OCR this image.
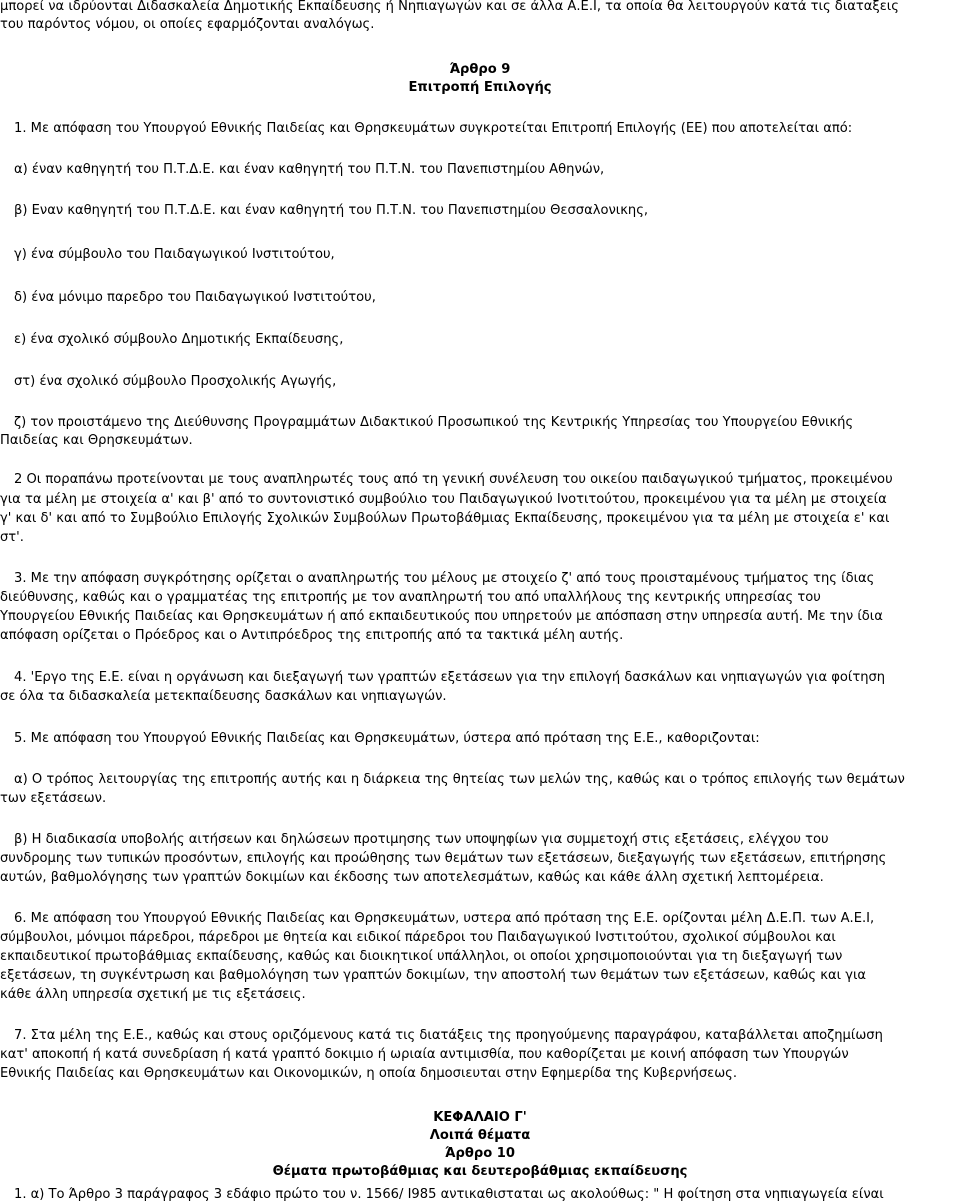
μπορεί να ιδρύονται Διδασκαλεία Δημοτικής Εκπαίδευσης ή Νηπιαγωγών και σε άλλα Α.Ε.Ι, τα οποία θα λειτουργούν κατά τις διαταξεις

του παρόντος νόμου, οι οποίες εφαρμόζονται αναλόγως.

Άρθρο 9

Επιτροπή Επιλογής

1. Με απόφαση του Υπουργού Εθνικής Παιδείας και Θρησκευμάτων συγκροτείται Επιτροπή Επιλογής (ΕΕ) που αποτελείται από:

α) έναν καθηγητή του Π.Τ.Δ.Ε. και έναν καθηγητή του Π.Τ.Ν. του Πανεπιστημίου Αθηνών,

β) Εναν καθηγητή του Π.Τ.Δ.Ε. και έναν καθηγητή του Π.Τ.Ν. του Πανεπιστημίου Θεσσαλονικης,

γ) ένα σύμβουλο του Παιδαγωγικού Ινστιτούτου,

δ) ένα μόνιμο παρεδρο του Παιδαγωγικού Ινστιτούτου,

ε) ένα σχολικό σύμβουλο Δημοτικής Εκπαίδευσης,

στ) ένα σχολικό σύμβουλο Προσχολικής Αγωγής,

ζ) τον προιστάμενο της Διεύθυνσης Προγραμμάτων Διδακτικού Προσωπικού της Κεντρικής Υπηρεσίας του Υπουργείου Εθνικής

Παιδείας και Θρησκευμάτων.

2 Οι ποραπάνω προτείνονται με τους αναπληρωτές τους από τη γενική συνέλευση του οικείου παιδαγωγικού τμήματος, προκειμένου

για τα μέλη με στοιχεία α' και β' από το συντονιστικό συμβούλιο του Παιδαγωγικού Ινοτιτούτου, προκειμένου για τα μέλη με στοιχεία

γ' και δ' και από το Συμβούλιο Επιλογής Σχολικών Συμβούλων Πρωτοβάθμιας Εκπαίδευσης, προκειμένου για τα μέλη με στοιχεία ε' και

στ'.

3. Με την απόφαση συγκρότησης ορίζεται ο αναπληρωτής του μέλους με στοιχείο ζ' από τους προισταμένους τμήματος της ίδιας

διεύθυνσης, καθώς και ο γραμματέας της επιτροπής με τον αναπληρωτή του από υπαλλήλους της κεντρικής υπηρεσίας του

Υπουργείου Εθνικής Παιδείας και Θρησκευμάτων ή από εκπαιδευτικούς που υπηρετούν με απόσπαση στην υπηρεσία αυτή. Με την ίδια

απόφαση ορίζεται ο Πρόεδρος και ο Αντιπρόεδρος της επιτροπής από τα τακτικά μέλη αυτής.

4. 'Εργο της Ε.Ε. είναι η οργάνωση και διεξαγωγή των γραπτών εξετάσεων για την επιλογή δασκάλων και νηπιαγωγών για φοίτηση

σε όλα τα διδασκαλεία μετεκπαίδευσης δασκάλων και νηπιαγωγών.

5. Με απόφαση του Υπουργού Εθνικής Παιδείας και Θρησκευμάτων, ύστερα από πρόταση της Ε.Ε., καθοριζονται:

α) Ο τρόπος λειτουργίας της επιτροπής αυτής και η διάρκεια της θητείας των μελών της, καθώς και ο τρόπος επιλογής των θεμάτων

των εξετάσεων.

β) Η διαδικασία υποβολής αιτήσεων και δηλώσεων προτιμησης των υποψηφίων για συμμετοχή στις εξετάσεις, ελέγχου του

συνδρομης των τυπικών προσόντων, επιλογής και προώθησης των θεμάτων των εξετάσεων, διεξαγωγής των εξετάσεων, επιτήρησης

αυτών, βαθμολόγησης των γραπτών δοκιμίων και έκδοσης των αποτελεσμάτων, καθώς και κάθε άλλη σχετική λεπτομέρεια.

6. Με απόφαση του Υπουργού Εθνικής Παιδείας και Θρησκευμάτων, υστερα από πρόταση της Ε.Ε. ορίζονται μέλη Δ.Ε.Π. των Α.Ε.Ι,

σύμβουλοι, μόνιμοι πάρεδροι, πάρεδροι με θητεία και ειδικοί πάρεδροι του Παιδαγωγικού Ινστιτούτου, σχολικοί σύμβουλοι και

εκπαιδευτικοί πρωτοβάθμιας εκπαίδευσης, καθώς και διοικητικοί υπάλληλοι, οι οποίοι χρησιμοποιούνται για τη διεξαγωγή των

εξετάσεων, τη συγκέντρωση και βαθμολόγηση των γραπτών δοκιμίων, την αποστολή των θεμάτων των εξετάσεων, καθώς και για

κάθε άλλη υπηρεσία σχετική με τις εξετάσεις.

7. Στα μέλη της Ε.Ε., καθώς και στους οριζόμενους κατά τις διατάξεις της προηγούμενης παραγράφου, καταβάλλεται αποζημίωση

κατ' αποκοπή ή κατά συνεδρίαση ή κατά γραπτό δοκιμιο ή ωριαία αντιμισθία, που καθορίζεται με κοινή απόφαση των Υπουργών

Εθνικής Παιδείας και Θρησκευμάτων και Οικονομικών, η οποία δημοσιευται στην Εφημερίδα της Κυβερνήσεως.

ΚΕΦΑΛΑΙΟ Γ'

Λοιπά θέματα

Άρθρο 10

Θέματα πρωτοβάθμιας και δευτεροβάθμιας εκπαίδευσης

1. α) Το Άρθρο 3 παράγραφος 3 εδάφιο πρώτο του ν. 1566/ I985 αντικαθισταται ως ακολούθως: " Η φοίτηση στα νηπιαγωγεία είναι
